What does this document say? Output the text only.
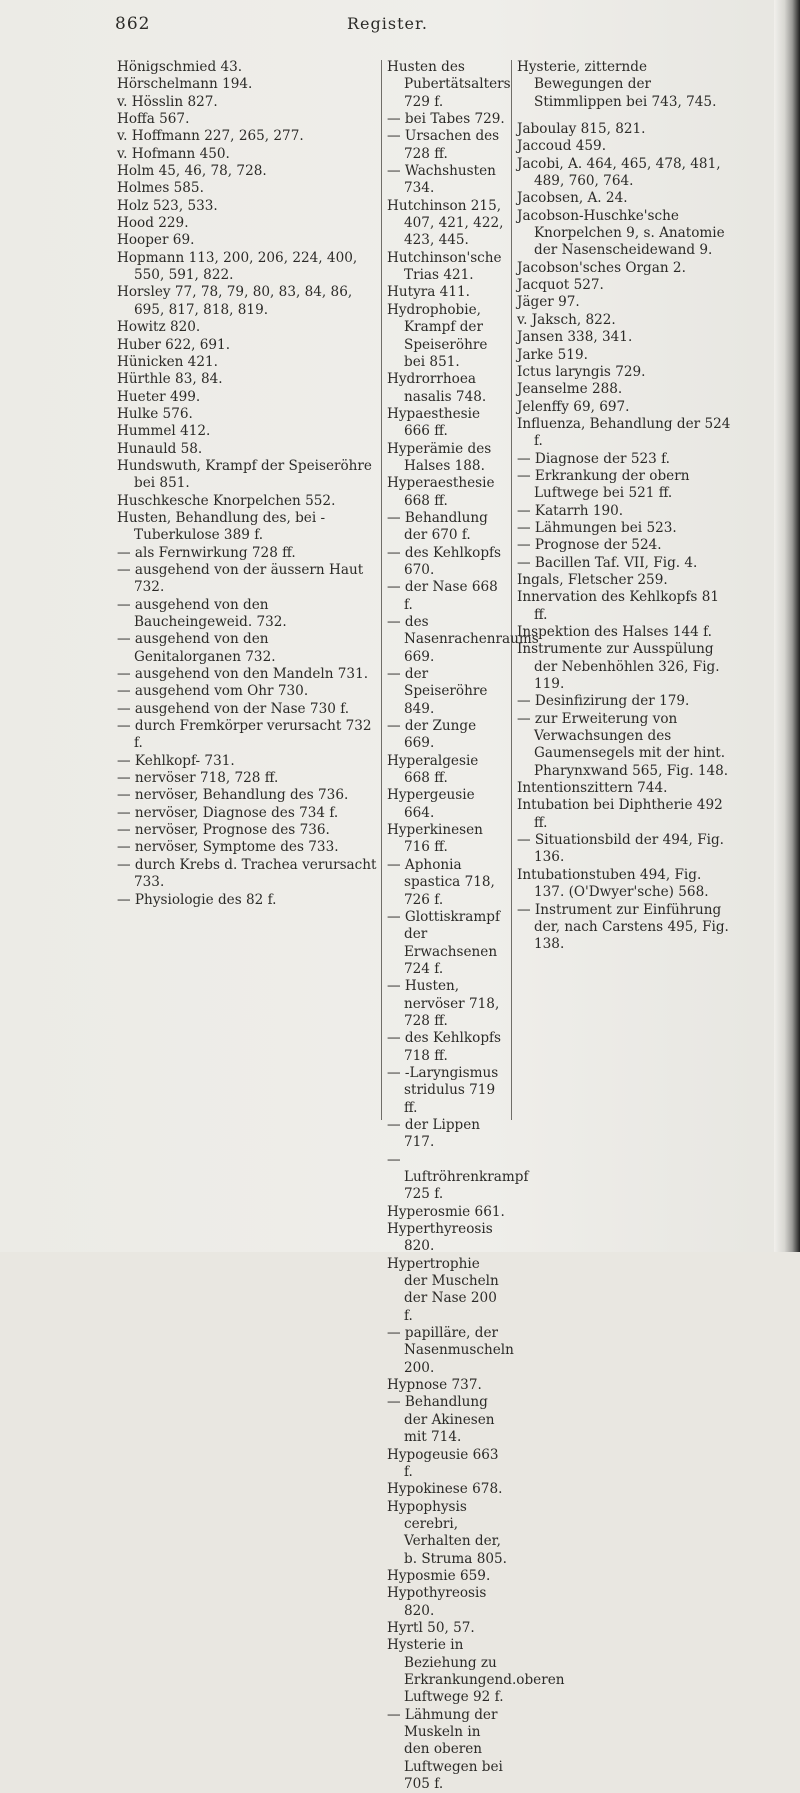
862	Register.
Hönigschmied 43.
Hörschelmann 194.
v. Hösslin 827.
Hoffa 567.
v. Hoffmann 227, 265, 277.
v. Hofmann 450.
Holm 45, 46, 78, 728.
Holmes 585.
Holz 523, 533.
Hood 229.
Hooper 69.
Hopmann 113, 200, 206, 224, 400, 550, 591, 822.
Horsley 77, 78, 79, 80, 83, 84, 86, 695, 817, 818, 819.
Howitz 820.
Huber 622, 691.
Hünicken 421.
Hürthle 83, 84.
Hueter 499.
Hulke 576.
Hummel 412.
Hunauld 58.
Hundswuth, Krampf der Speiseröhre bei 851.
Huschkesche Knorpelchen 552.
Husten, Behandlung des, bei -Tuberkulose 389 f.
— als Fernwirkung 728 ff.
— ausgehend von der äussern Haut 732.
— ausgehend von den Baucheingeweid. 732.
— ausgehend von den Genitalorganen 732.
— ausgehend von den Mandeln 731.
— ausgehend vom Ohr 730.
— ausgehend von der Nase 730 f.
— durch Fremkörper verursacht 732 f.
— Kehlkopf- 731.
— nervöser 718, 728 ff.
— nervöser, Behandlung des 736.
— nervöser, Diagnose des 734 f.
— nervöser, Prognose des 736.
— nervöser, Symptome des 733.
— durch Krebs d. Trachea verursacht 733.
— Physiologie des 82 f.
Husten des Pubertätsalters 729 f.
— bei Tabes 729.
— Ursachen des 728 ff.
— Wachshusten 734.
Hutchinson 215, 407, 421, 422, 423, 445.
Hutchinson'sche Trias 421.
Hutyra 411.
Hydrophobie, Krampf der Speiseröhre bei 851.
Hydrorrhoea nasalis 748.
Hypaesthesie 666 ff.
Hyperämie des Halses 188.
Hyperaesthesie 668 ff.
— Behandlung der 670 f.
— des Kehlkopfs 670.
— der Nase 668 f.
— des Nasenrachenraums 669.
— der Speiseröhre 849.
— der Zunge 669.
Hyperalgesie 668 ff.
Hypergeusie 664.
Hyperkinesen 716 ff.
— Aphonia spastica 718, 726 f.
— Glottiskrampf der Erwachsenen 724 f.
— Husten, nervöser 718, 728 ff.
— des Kehlkopfs 718 ff.
— -Laryngismus stridulus 719 ff.
— der Lippen 717.
— Luftröhrenkrampf 725 f.
Hyperosmie 661.
Hyperthyreosis 820.
Hypertrophie der Muscheln der Nase 200 f.
— papilläre, der Nasenmuscheln 200.
Hypnose 737.
— Behandlung der Akinesen mit 714.
Hypogeusie 663 f.
Hypokinese 678.
Hypophysis cerebri, Verhalten der, b. Struma 805.
Hyposmie 659.
Hypothyreosis 820.
Hyrtl 50, 57.
Hysterie in Beziehung zu Erkrankungend.oberen Luftwege 92 f.
— Lähmung der Muskeln in den oberen Luftwegen bei 705 f.
Hysterie, zitternde Bewegungen der Stimmlippen bei 743, 745.
Jaboulay 815, 821.
Jaccoud 459.
Jacobi, A. 464, 465, 478, 481, 489, 760, 764.
Jacobsen, A. 24.
Jacobson-Huschke'sche Knorpelchen 9, s. Anatomie der Nasenscheidewand 9.
Jacobson'sches Organ 2.
Jacquot 527.
Jäger 97.
v. Jaksch, 822.
Jansen 338, 341.
Jarke 519.
Ictus laryngis 729.
Jeanselme 288.
Jelenffy 69, 697.
Influenza, Behandlung der 524 f.
— Diagnose der 523 f.
— Erkrankung der obern Luftwege bei 521 ff.
— Katarrh 190.
— Lähmungen bei 523.
— Prognose der 524.
— Bacillen Taf. VII, Fig. 4.
Ingals, Fletscher 259.
Innervation des Kehlkopfs 81 ff.
Inspektion des Halses 144 f.
Instrumente zur Ausspülung der Nebenhöhlen 326, Fig. 119.
— Desinfizirung der 179.
— zur Erweiterung von Verwachsungen des Gaumensegels mit der hint. Pharynxwand 565, Fig. 148.
Intentionszittern 744.
Intubation bei Diphtherie 492 ff.
— Situationsbild der 494, Fig. 136.
Intubationstuben 494, Fig. 137. (O'Dwyer'sche) 568.
— Instrument zur Einführung der, nach Carstens 495, Fig. 138.
